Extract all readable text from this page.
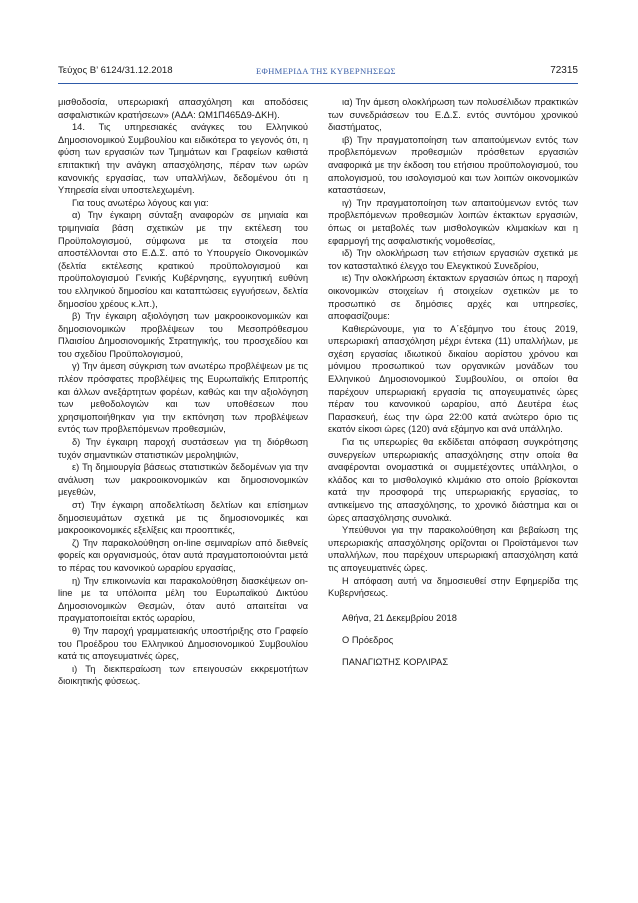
Τεύχος B’ 6124/31.12.2018	ΕΦΗΜΕΡΙΔΑ ΤΗΣ ΚΥΒΕΡΝΗΣΕΩΣ	72315

μισθοδοσία, υπερωριακή απασχόληση και αποδόσεις ασφαλιστικών κρατήσεων» (ΑΔΑ: ΩΜ1Π465Δ9-ΔΚΗ).

14. Τις υπηρεσιακές ανάγκες του Ελληνικού Δημοσιονομικού Συμβουλίου και ειδικότερα το γεγονός ότι, η φύση των εργασιών των Τμημάτων και Γραφείων καθιστά επιτακτική την ανάγκη απασχόλησης, πέραν των ωρών κανονικής εργασίας, των υπαλλήλων, δεδομένου ότι η Υπηρεσία είναι υποστελεχωμένη.

Για τους ανωτέρω λόγους και για:

α) Την έγκαιρη σύνταξη αναφορών σε μηνιαία και τριμηνιαία βάση σχετικών με την εκτέλεση του Προϋπολογισμού, σύμφωνα με τα στοιχεία που αποστέλλονται στο Ε.Δ.Σ. από το Υπουργείο Οικονομικών (δελτία εκτέλεσης κρατικού προϋπολογισμού και προϋπολογισμού Γενικής Κυβέρνησης, εγγυητική ευθύνη του ελληνικού δημοσίου και καταπτώσεις εγγυήσεων, δελτία δημοσίου χρέους κ.λπ.),

β) Την έγκαιρη αξιολόγηση των μακροοικονομικών και δημοσιονομικών προβλέψεων του Μεσοπρόθεσμου Πλαισίου Δημοσιονομικής Στρατηγικής, του προσχεδίου και του σχεδίου Προϋπολογισμού,

γ) Την άμεση σύγκριση των ανωτέρω προβλέψεων με τις πλέον πρόσφατες προβλέψεις της Ευρωπαϊκής Επιτροπής και άλλων ανεξάρτητων φορέων, καθώς και την αξιολόγηση των μεθοδολογιών και των υποθέσεων που χρησιμοποιήθηκαν για την εκπόνηση των προβλέψεων εντός των προβλεπόμενων προθεσμιών,

δ) Την έγκαιρη παροχή συστάσεων για τη διόρθωση τυχόν σημαντικών στατιστικών μεροληψιών,

ε) Τη δημιουργία βάσεως στατιστικών δεδομένων για την ανάλυση των μακροοικονομικών και δημοσιονομικών μεγεθών,

στ) Την έγκαιρη αποδελτίωση δελτίων και επίσημων δημοσιευμάτων σχετικά με τις δημοσιονομικές και μακροοικονομικές εξελίξεις και προοπτικές,

ζ) Την παρακολούθηση on-line σεμιναρίων από διεθνείς φορείς και οργανισμούς, όταν αυτά πραγματοποιούνται μετά το πέρας του κανονικού ωραρίου εργασίας,

η) Την επικοινωνία και παρακολούθηση διασκέψεων on-line με τα υπόλοιπα μέλη του Ευρωπαϊκού Δικτύου Δημοσιονομικών Θεσμών, όταν αυτό απαιτείται να πραγματοποιείται εκτός ωραρίου,

θ) Την παροχή γραμματειακής υποστήριξης στο Γραφείο του Προέδρου του Ελληνικού Δημοσιονομικού Συμβουλίου κατά τις απογευματινές ώρες,

ι) Τη διεκπεραίωση των επειγουσών εκκρεμοτήτων διοικητικής φύσεως.

ια) Την άμεση ολοκλήρωση των πολυσέλιδων πρακτικών των συνεδριάσεων του Ε.Δ.Σ. εντός συντόμου χρονικού διαστήματος,

ιβ) Την πραγματοποίηση των απαιτούμενων εντός των προβλεπόμενων προθεσμιών πρόσθετων εργασιών αναφορικά με την έκδοση του ετήσιου προϋπολογισμού, του απολογισμού, του ισολογισμού και των λοιπών οικονομικών καταστάσεων,

ιγ) Την πραγματοποίηση των απαιτούμενων εντός των προβλεπόμενων προθεσμιών λοιπών έκτακτων εργασιών, όπως οι μεταβολές των μισθολογικών κλιμακίων και η εφαρμογή της ασφαλιστικής νομοθεσίας,

ιδ) Την ολοκλήρωση των ετήσιων εργασιών σχετικά με τον κατασταλτικό έλεγχο του Ελεγκτικού Συνεδρίου,

ιε) Την ολοκλήρωση έκτακτων εργασιών όπως η παροχή οικονομικών στοιχείων ή στοιχείων σχετικών με το προσωπικό σε δημόσιες αρχές και υπηρεσίες, αποφασίζουμε:

Καθιερώνουμε, για το Α΄εξάμηνο του έτους 2019, υπερωριακή απασχόληση μέχρι έντεκα (11) υπαλλήλων, με σχέση εργασίας ιδιωτικού δικαίου αορίστου χρόνου και μόνιμου προσωπικού των οργανικών μονάδων του Ελληνικού Δημοσιονομικού Συμβουλίου, οι οποίοι θα παρέχουν υπερωριακή εργασία τις απογευματινές ώρες πέραν του κανονικού ωραρίου, από Δευτέρα έως Παρασκευή, έως την ώρα 22:00 κατά ανώτερο όριο τις εκατόν είκοσι ώρες (120) ανά εξάμηνο και ανά υπάλληλο.

Για τις υπερωρίες θα εκδίδεται απόφαση συγκρότησης συνεργείων υπερωριακής απασχόλησης στην οποία θα αναφέρονται ονομαστικά οι συμμετέχοντες υπάλληλοι, ο κλάδος και το μισθολογικό κλιμάκιο στο οποίο βρίσκονται κατά την προσφορά της υπερωριακής εργασίας, το αντικείμενο της απασχόλησης, το χρονικό διάστημα και οι ώρες απασχόλησης συνολικά.

Υπεύθυνοι για την παρακολούθηση και βεβαίωση της υπερωριακής απασχόλησης ορίζονται οι Προϊστάμενοι των υπαλλήλων, που παρέχουν υπερωριακή απασχόληση κατά τις απογευματινές ώρες.

Η απόφαση αυτή να δημοσιευθεί στην Εφημερίδα της Κυβερνήσεως.

Αθήνα, 21 Δεκεμβρίου 2018
Ο Πρόεδρος
ΠΑΝΑΓΙΩΤΗΣ ΚΟΡΛΙΡΑΣ
